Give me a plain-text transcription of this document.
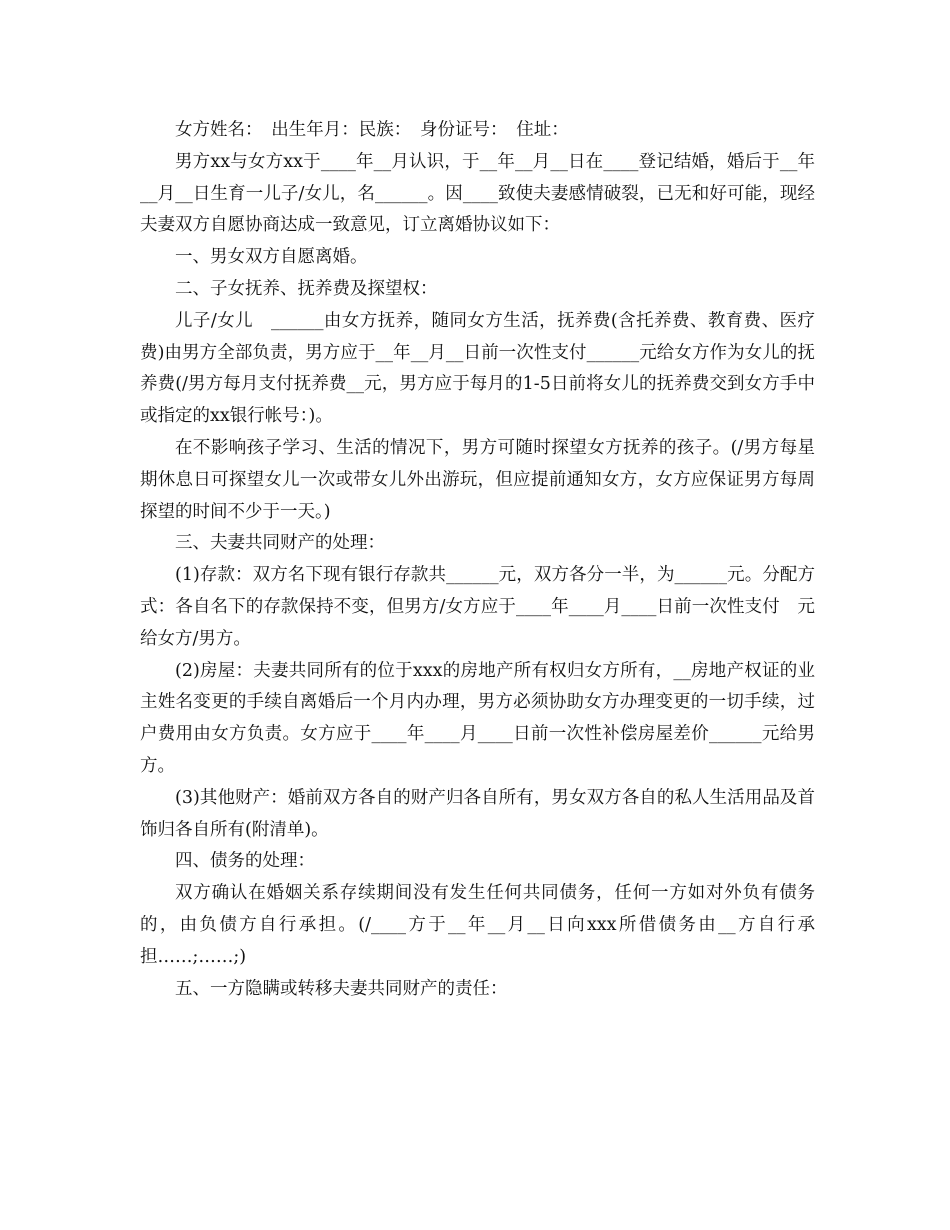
女方姓名：　出生年月：民族：　身份证号：　住址：

男方xx与女方xx于____年__月认识，于__年__月__日在____登记结婚，婚后于__年__月__日生育一儿子/女儿，名______。因____致使夫妻感情破裂，已无和好可能，现经夫妻双方自愿协商达成一致意见，订立离婚协议如下：

一、男女双方自愿离婚。

二、子女抚养、抚养费及探望权：

儿子/女儿　______由女方抚养，随同女方生活，抚养费(含托养费、教育费、医疗费)由男方全部负责，男方应于__年__月__日前一次性支付______元给女方作为女儿的抚养费(/男方每月支付抚养费__元，男方应于每月的1-5日前将女儿的抚养费交到女方手中或指定的xx银行帐号：)。

在不影响孩子学习、生活的情况下，男方可随时探望女方抚养的孩子。(/男方每星期休息日可探望女儿一次或带女儿外出游玩，但应提前通知女方，女方应保证男方每周探望的时间不少于一天。)

三、夫妻共同财产的处理：

(1)存款：双方名下现有银行存款共______元，双方各分一半，为______元。分配方式：各自名下的存款保持不变，但男方/女方应于____年____月____日前一次性支付　元给女方/男方。

(2)房屋：夫妻共同所有的位于xxx的房地产所有权归女方所有，__房地产权证的业主姓名变更的手续自离婚后一个月内办理，男方必须协助女方办理变更的一切手续，过户费用由女方负责。女方应于____年____月____日前一次性补偿房屋差价______元给男方。

(3)其他财产：婚前双方各自的财产归各自所有，男女双方各自的私人生活用品及首饰归各自所有(附清单)。

四、债务的处理：

双方确认在婚姻关系存续期间没有发生任何共同债务，任何一方如对外负有债务的，由负债方自行承担。(/____方于__年__月__日向xxx所借债务由__方自行承担……;……;)

五、一方隐瞒或转移夫妻共同财产的责任：
